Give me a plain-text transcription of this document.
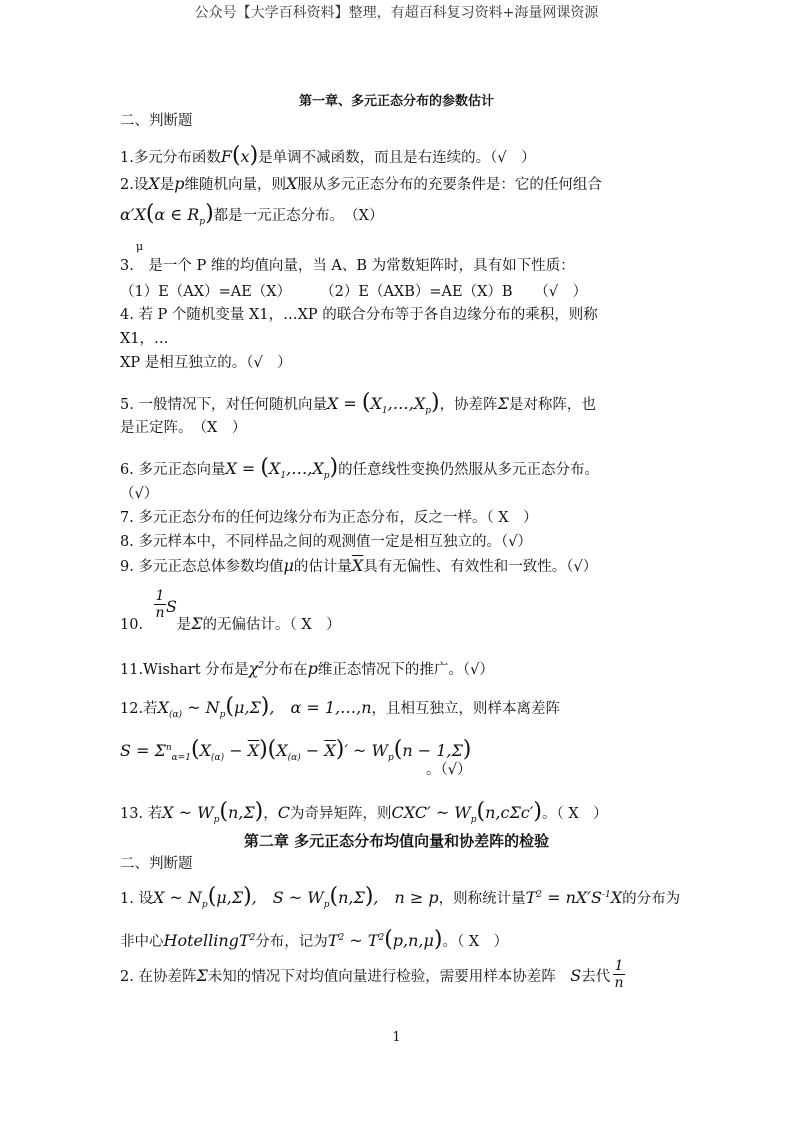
公众号【大学百科资料】整理，有超百科复习资料+海量网课资源
第一章、多元正态分布的参数估计
二、判断题
1.多元分布函数F(x)是单调不减函数，而且是右连续的。（√　）
2.设X是p维随机向量，则X服从多元正态分布的充要条件是：它的任何组合
α′X(α ∈ $R_p$)都是一元正态分布。　（X）
μ
3.　 是一个 P 维的均值向量，当 A、B 为常数矩阵时，具有如下性质：
（1）E（AX）=AE（X）　　　（2）E（AXB）=AE（X）B　　（√　）
4. 若 P 个随机变量 X1，…XP 的联合分布等于各自边缘分布的乘积，则称
X1，…
XP 是相互独立的。（√　）
5. 一般情况下，对任何随机向量$X = (X_1,\dots,X_p)$，协差阵Σ是对称阵，也
是正定阵。　（X　）
6. 多元正态向量$X = (X_1,\dots,X_p)$的任意线性变换仍然服从多元正态分布。
（√）
7. 多元正态分布的任何边缘分布为正态分布，反之一样。（ X　）
8. 多元样本中，不同样品之间的观测值一定是相互独立的。（√）
9. 多元正态总体参数均值μ的估计量$\overline{X}$具有无偏性、有效性和一致性。（√）
1
n S
10.　　 是Σ的无偏估计。（ X　）
11.Wishart 分布是$\chi^2$分布在p维正态情况下的推广。（√）
12.若$X_{(\alpha)}$ ~ $N_p(\mu,\Sigma)$,　α = 1,…,n，且相互独立，则样本离差阵
$S = \Sigma^n_{\alpha=1}(X_{(\alpha)} - \overline{X})(X_{(\alpha)} - \overline{X})'$ ~ $W_p(n - 1,\Sigma)$
。（√）
13. 若X ~ $W_p(n,\Sigma)$，C为奇异矩阵，则CXC′ ~ $W_p(n,c\Sigma c')$。（ X　）
第二章 多元正态分布均值向量和协差阵的检验
二、判断题
1. 设X ~ $N_p(\mu,\Sigma)$,　S ~ $W_p(n,\Sigma)$,　n ≥ p，则称统计量$T^2 = nX'S^{-1}X$的分布为
非中心HotellingT$^2$分布，记为$T^2$ ~ $T^2(p,n,\mu)$。（ X　）
1
n
2. 在协差阵Σ未知的情况下对均值向量进行检验，需要用样本协差阵　 S去代
1
